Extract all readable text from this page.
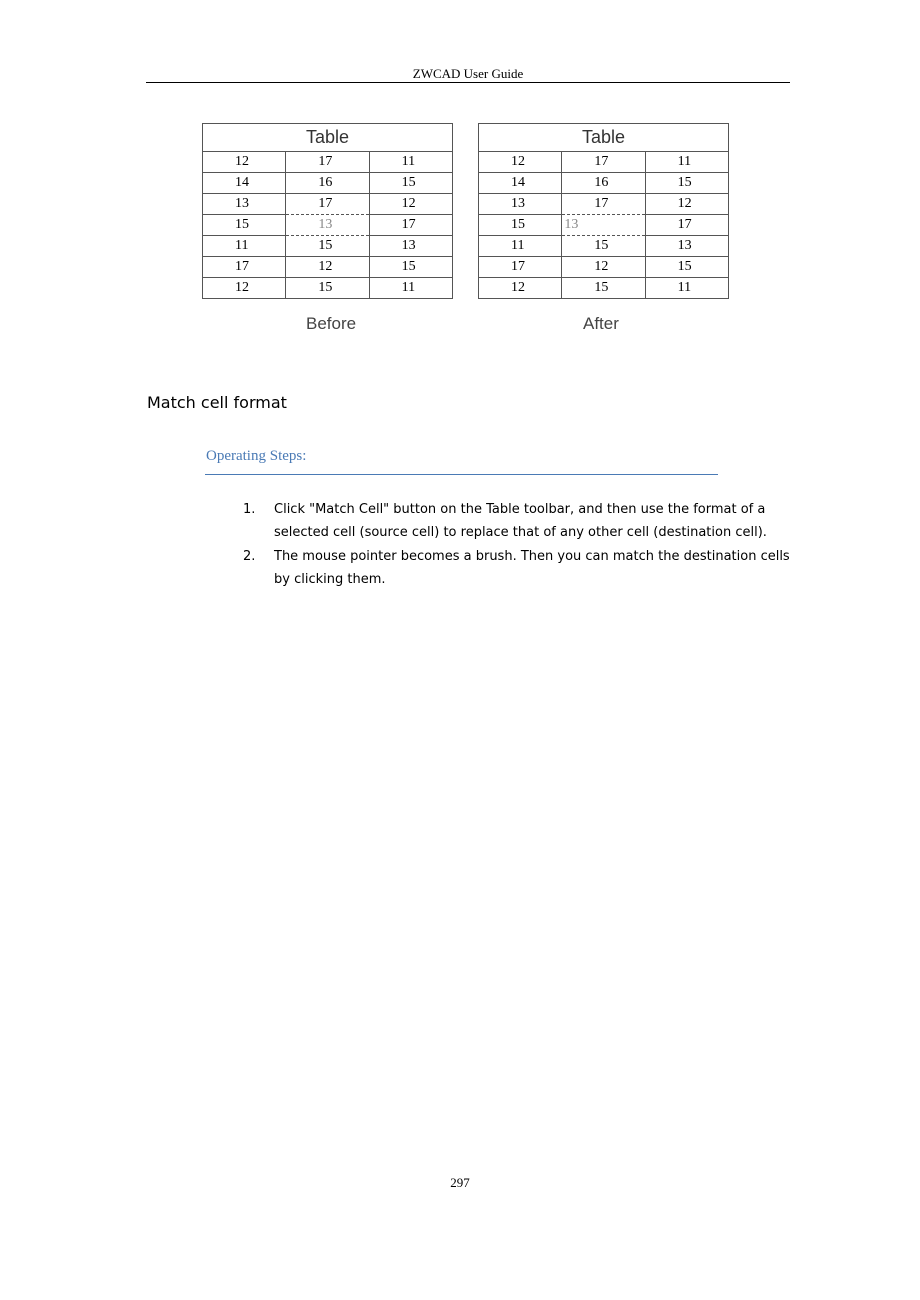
ZWCAD User Guide
Table		
12	17	11
14	16	15
13	17	12
15	13	17
11	15	13
17	12	15
12	15	11
Before
Table		
12	17	11
14	16	15
13	17	12
15	13	17
11	15	13
17	12	15
12	15	11
After
Match cell format
Operating Steps:
1. Click "Match Cell" button on the Table toolbar, and then use the format of a selected cell (source cell) to replace that of any other cell (destination cell).
2. The mouse pointer becomes a brush. Then you can match the destination cells by clicking them.
297
